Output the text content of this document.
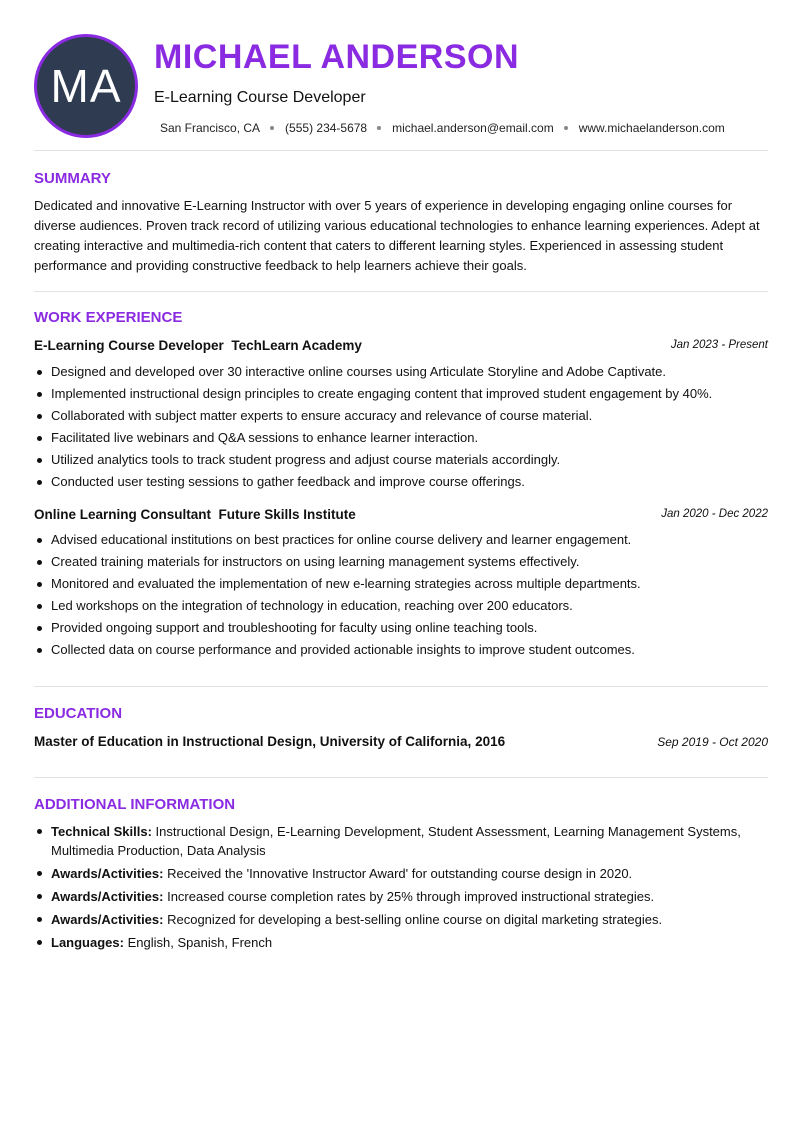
MA
MICHAEL ANDERSON
E-Learning Course Developer
San Francisco, CA (555) 234-5678 michael.anderson@email.com www.michaelanderson.com
SUMMARY
Dedicated and innovative E-Learning Instructor with over 5 years of experience in developing engaging online courses for diverse audiences. Proven track record of utilizing various educational technologies to enhance learning experiences. Adept at creating interactive and multimedia-rich content that caters to different learning styles. Experienced in assessing student performance and providing constructive feedback to help learners achieve their goals.
WORK EXPERIENCE
E-Learning Course Developer TechLearn Academy	Jan 2023 - Present
Designed and developed over 30 interactive online courses using Articulate Storyline and Adobe Captivate.
Implemented instructional design principles to create engaging content that improved student engagement by 40%.
Collaborated with subject matter experts to ensure accuracy and relevance of course material.
Facilitated live webinars and Q&A sessions to enhance learner interaction.
Utilized analytics tools to track student progress and adjust course materials accordingly.
Conducted user testing sessions to gather feedback and improve course offerings.
Online Learning Consultant Future Skills Institute	Jan 2020 - Dec 2022
Advised educational institutions on best practices for online course delivery and learner engagement.
Created training materials for instructors on using learning management systems effectively.
Monitored and evaluated the implementation of new e-learning strategies across multiple departments.
Led workshops on the integration of technology in education, reaching over 200 educators.
Provided ongoing support and troubleshooting for faculty using online teaching tools.
Collected data on course performance and provided actionable insights to improve student outcomes.
EDUCATION
Master of Education in Instructional Design, University of California, 2016	Sep 2019 - Oct 2020
ADDITIONAL INFORMATION
Technical Skills: Instructional Design, E-Learning Development, Student Assessment, Learning Management Systems, Multimedia Production, Data Analysis
Awards/Activities: Received the 'Innovative Instructor Award' for outstanding course design in 2020.
Awards/Activities: Increased course completion rates by 25% through improved instructional strategies.
Awards/Activities: Recognized for developing a best-selling online course on digital marketing strategies.
Languages: English, Spanish, French
